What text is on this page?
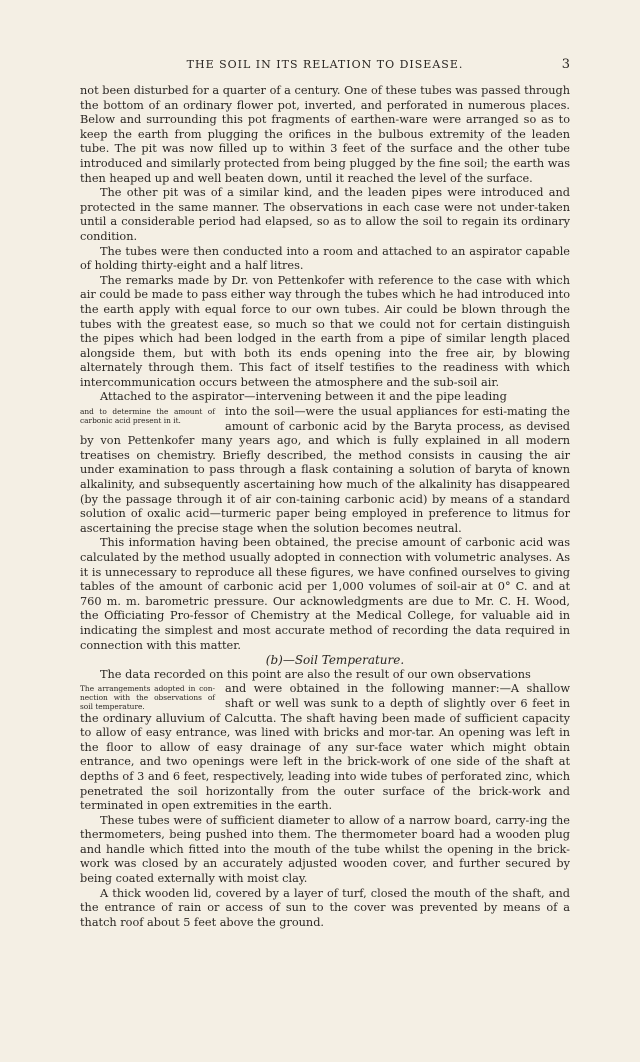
THE SOIL IN ITS RELATION TO DISEASE.	3

not been disturbed for a quarter of a century. One of these tubes was passed through the bottom of an ordinary flower pot, inverted, and perforated in numerous places. Below and surrounding this pot fragments of earthen-ware were arranged so as to keep the earth from plugging the orifices in the bulbous extremity of the leaden tube. The pit was now filled up to within 3 feet of the surface and the other tube introduced and similarly protected from being plugged by the fine soil; the earth was then heaped up and well beaten down, until it reached the level of the surface.

The other pit was of a similar kind, and the leaden pipes were introduced and protected in the same manner. The observations in each case were not under-taken until a considerable period had elapsed, so as to allow the soil to regain its ordinary condition.

The tubes were then conducted into a room and attached to an aspirator capable of holding thirty-eight and a half litres.

The remarks made by Dr. von Pettenkofer with reference to the case with which air could be made to pass either way through the tubes which he had introduced into the earth apply with equal force to our own tubes. Air could be blown through the tubes with the greatest ease, so much so that we could not for certain distinguish the pipes which had been lodged in the earth from a pipe of similar length placed alongside them, but with both its ends opening into the free air, by blowing alternately through them. This fact of itself testifies to the readiness with which intercommunication occurs between the atmosphere and the sub-soil air.

Attached to the aspirator—intervening between it and the pipe leading

and to determine the amount of carbonic acid present in it.
into the soil—were the usual appliances for esti-mating the amount of carbonic acid by the Baryta process, as devised by von Pettenkofer many years ago, and which is fully explained in all modern treatises on chemistry. Briefly described, the method consists in causing the air under examination to pass through a flask containing a solution of baryta of known alkalinity, and subsequently ascertaining how much of the alkalinity has disappeared (by the passage through it of air con-taining carbonic acid) by means of a standard solution of oxalic acid—turmeric paper being employed in preference to litmus for ascertaining the precise stage when the solution becomes neutral.

This information having been obtained, the precise amount of carbonic acid was calculated by the method usually adopted in connection with volumetric analyses. As it is unnecessary to reproduce all these figures, we have confined ourselves to giving tables of the amount of carbonic acid per 1,000 volumes of soil-air at 0° C. and at 760 m. m. barometric pressure. Our acknowledgments are due to Mr. C. H. Wood, the Officiating Pro-fessor of Chemistry at the Medical College, for valuable aid in indicating the simplest and most accurate method of recording the data required in connection with this matter.

(b)—Soil Temperature.

The data recorded on this point are also the result of our own observations

The arrangements adopted in con-nection with the observations of soil temperature.
and were obtained in the following manner:—A shallow shaft or well was sunk to a depth of slightly over 6 feet in the ordinary alluvium of Calcutta. The shaft having been made of sufficient capacity to allow of easy entrance, was lined with bricks and mor-tar. An opening was left in the floor to allow of easy drainage of any sur-face water which might obtain entrance, and two openings were left in the brick-work of one side of the shaft at depths of 3 and 6 feet, respectively, leading into wide tubes of perforated zinc, which penetrated the soil horizontally from the outer surface of the brick-work and terminated in open extremities in the earth.

These tubes were of sufficient diameter to allow of a narrow board, carry-ing the thermometers, being pushed into them. The thermometer board had a wooden plug and handle which fitted into the mouth of the tube whilst the opening in the brick-work was closed by an accurately adjusted wooden cover, and further secured by being coated externally with moist clay.

A thick wooden lid, covered by a layer of turf, closed the mouth of the shaft, and the entrance of rain or access of sun to the cover was prevented by means of a thatch roof about 5 feet above the ground.
